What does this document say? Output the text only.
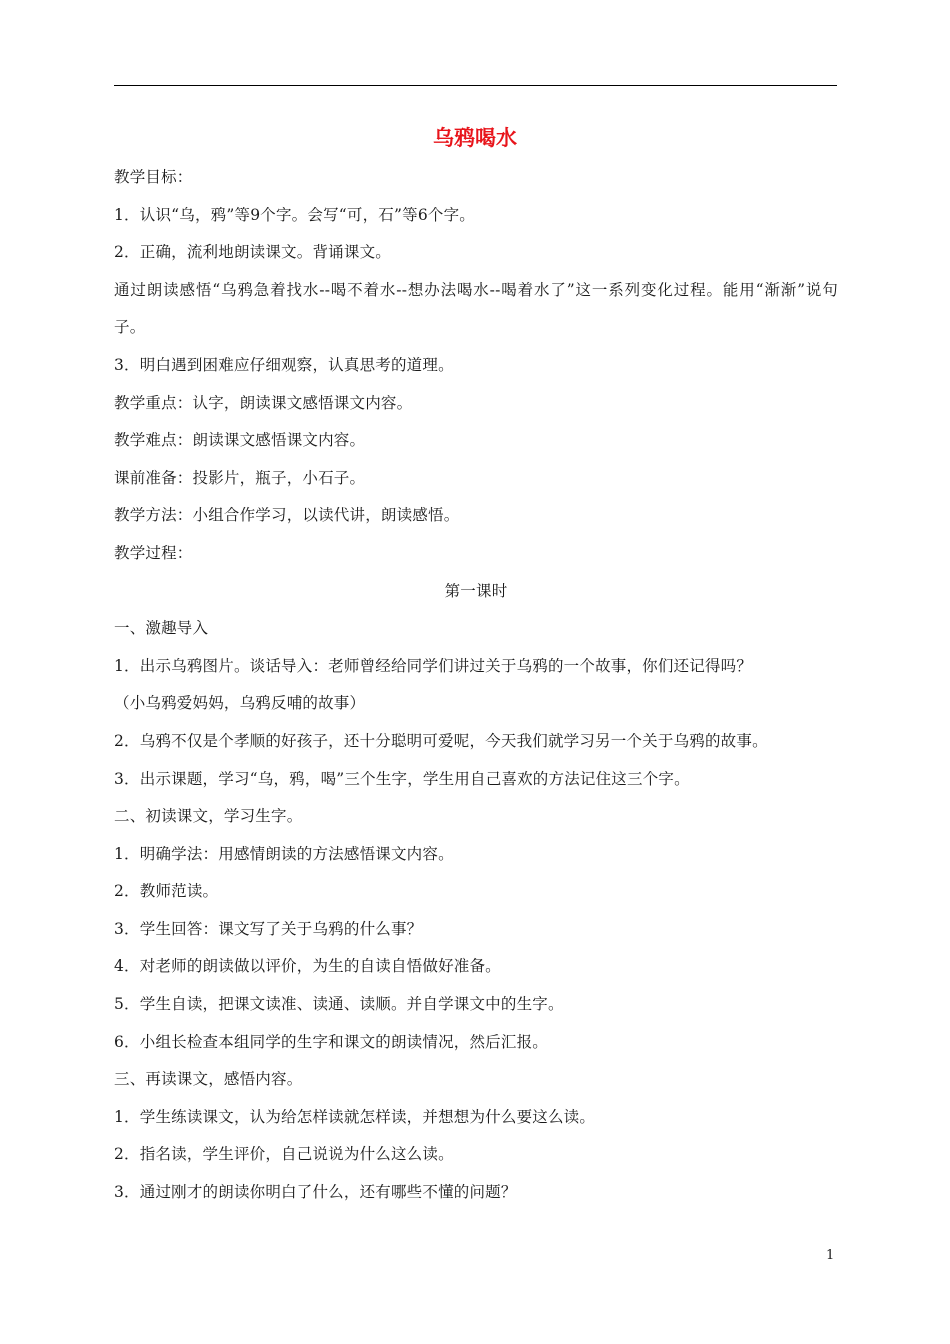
乌鸦喝水
教学目标：
1．认识“乌，鸦”等9个字。会写“可，石”等6个字。
2．正确，流利地朗读课文。背诵课文。
通过朗读感悟“乌鸦急着找水--喝不着水--想办法喝水--喝着水了”这一系列变化过程。能用“渐渐”说句子。
3．明白遇到困难应仔细观察，认真思考的道理。
教学重点：认字，朗读课文感悟课文内容。
教学难点：朗读课文感悟课文内容。
课前准备：投影片，瓶子，小石子。
教学方法：小组合作学习，以读代讲，朗读感悟。
教学过程：
第一课时
一、激趣导入
1．出示乌鸦图片。谈话导入：老师曾经给同学们讲过关于乌鸦的一个故事，你们还记得吗？
（小乌鸦爱妈妈，乌鸦反哺的故事）
2．乌鸦不仅是个孝顺的好孩子，还十分聪明可爱呢，今天我们就学习另一个关于乌鸦的故事。
3．出示课题，学习“乌，鸦，喝”三个生字，学生用自己喜欢的方法记住这三个字。
二、初读课文，学习生字。
1．明确学法：用感情朗读的方法感悟课文内容。
2．教师范读。
3．学生回答：课文写了关于乌鸦的什么事？
4．对老师的朗读做以评价，为生的自读自悟做好准备。
5．学生自读，把课文读准、读通、读顺。并自学课文中的生字。
6．小组长检查本组同学的生字和课文的朗读情况，然后汇报。
三、再读课文，感悟内容。
1．学生练读课文，认为给怎样读就怎样读，并想想为什么要这么读。
2．指名读，学生评价，自己说说为什么这么读。
3．通过刚才的朗读你明白了什么，还有哪些不懂的问题？
1
